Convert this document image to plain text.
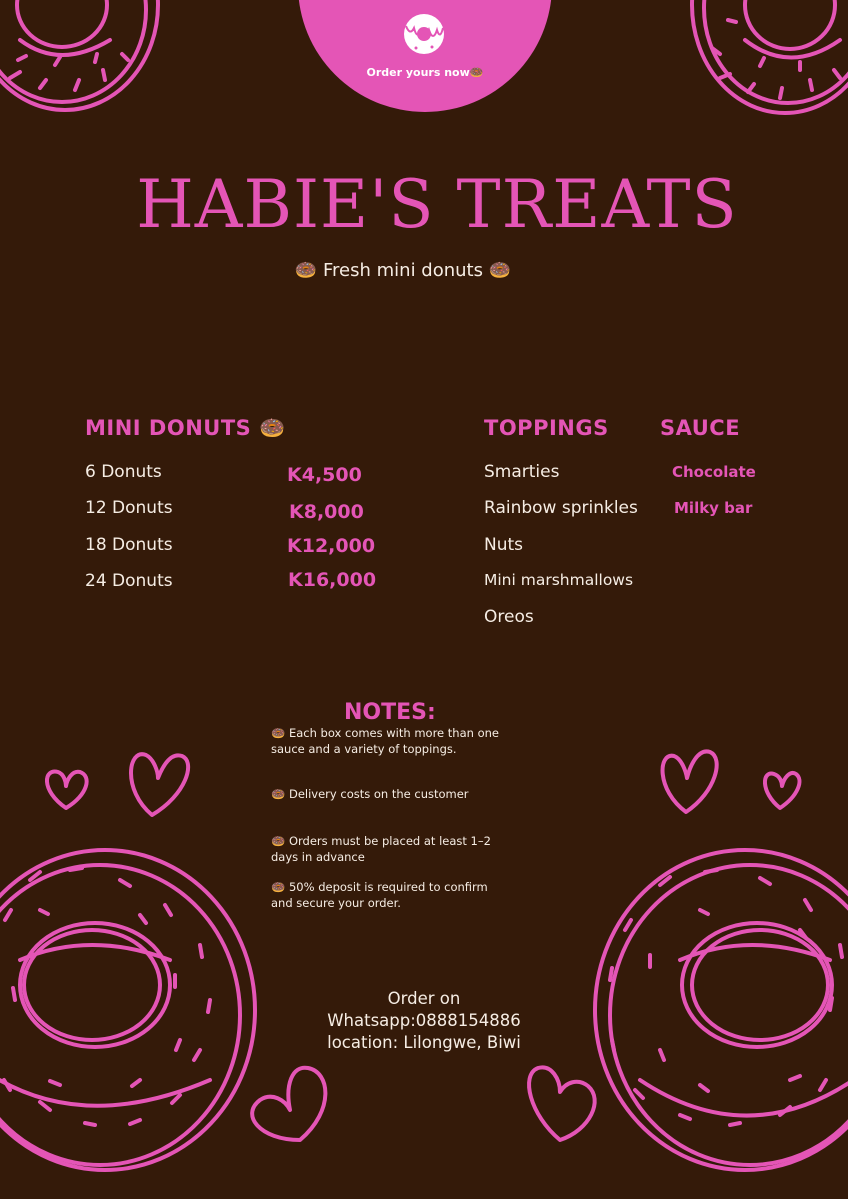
Order yours now🍩
HABIE'S TREATS
🍩 Fresh mini donuts 🍩
MINI DONUTS 🍩
6 Donuts	K4,500
12 Donuts	K8,000
18 Donuts	K12,000
24 Donuts	K16,000
TOPPINGS
Smarties
Rainbow sprinkles
Nuts
Mini marshmallows
Oreos
SAUCE
Chocolate
Milky bar
NOTES:
🍩 Each box comes with more than one sauce and a variety of toppings.
🍩 Delivery costs on the customer
🍩 Orders must be placed at least 1–2 days in advance
🍩 50% deposit is required to confirm and secure your order.
Order on
Whatsapp:0888154886
location: Lilongwe, Biwi
